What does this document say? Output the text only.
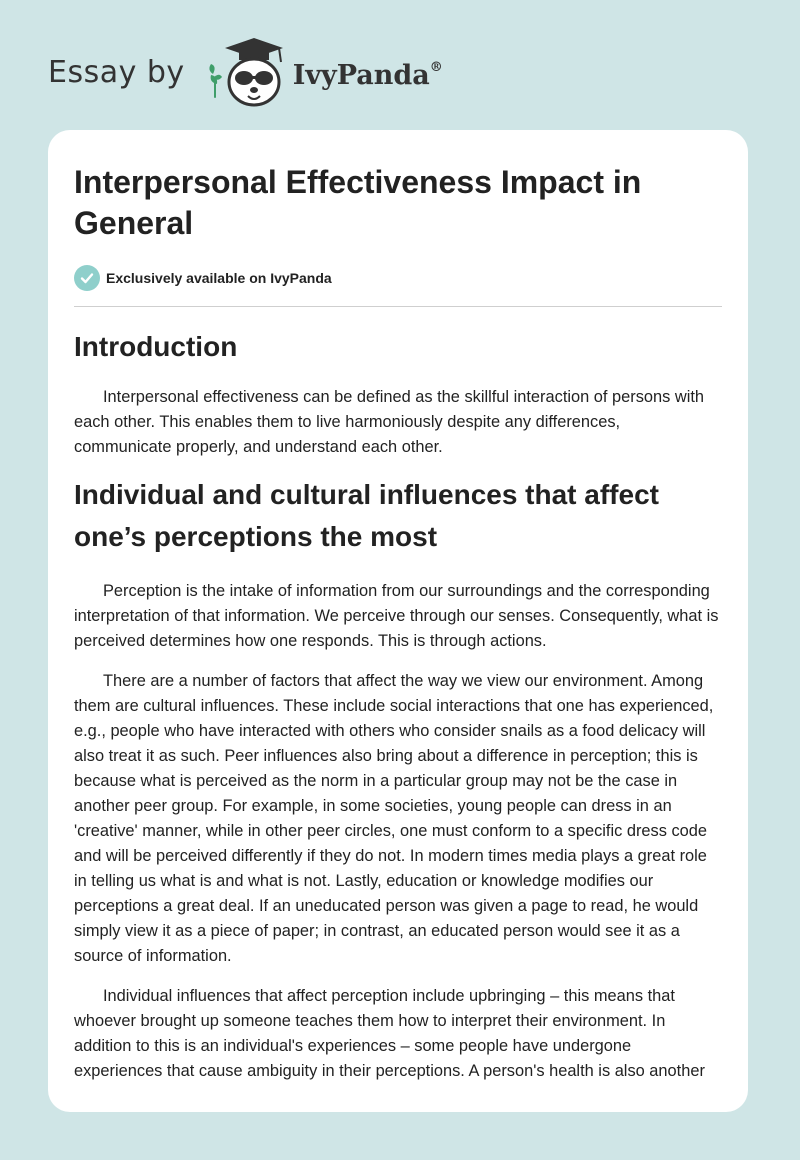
Essay by	IvyPanda®
Interpersonal Effectiveness Impact in General
Exclusively available on IvyPanda
Introduction

Interpersonal effectiveness can be defined as the skillful interaction of persons with each other. This enables them to live harmoniously despite any differences, communicate properly, and understand each other.

Individual and cultural influences that affect one’s perceptions the most

Perception is the intake of information from our surroundings and the corresponding interpretation of that information. We perceive through our senses. Consequently, what is perceived determines how one responds. This is through actions.

There are a number of factors that affect the way we view our environment. Among them are cultural influences. These include social interactions that one has experienced, e.g., people who have interacted with others who consider snails as a food delicacy will also treat it as such. Peer influences also bring about a difference in perception; this is because what is perceived as the norm in a particular group may not be the case in another peer group. For example, in some societies, young people can dress in an 'creative' manner, while in other peer circles, one must conform to a specific dress code and will be perceived differently if they do not. In modern times media plays a great role in telling us what is and what is not. Lastly, education or knowledge modifies our perceptions a great deal. If an uneducated person was given a page to read, he would simply view it as a piece of paper; in contrast, an educated person would see it as a source of information.

Individual influences that affect perception include upbringing – this means that whoever brought up someone teaches them how to interpret their environment. In addition to this is an individual's experiences – some people have undergone experiences that cause ambiguity in their perceptions. A person's health is also another
